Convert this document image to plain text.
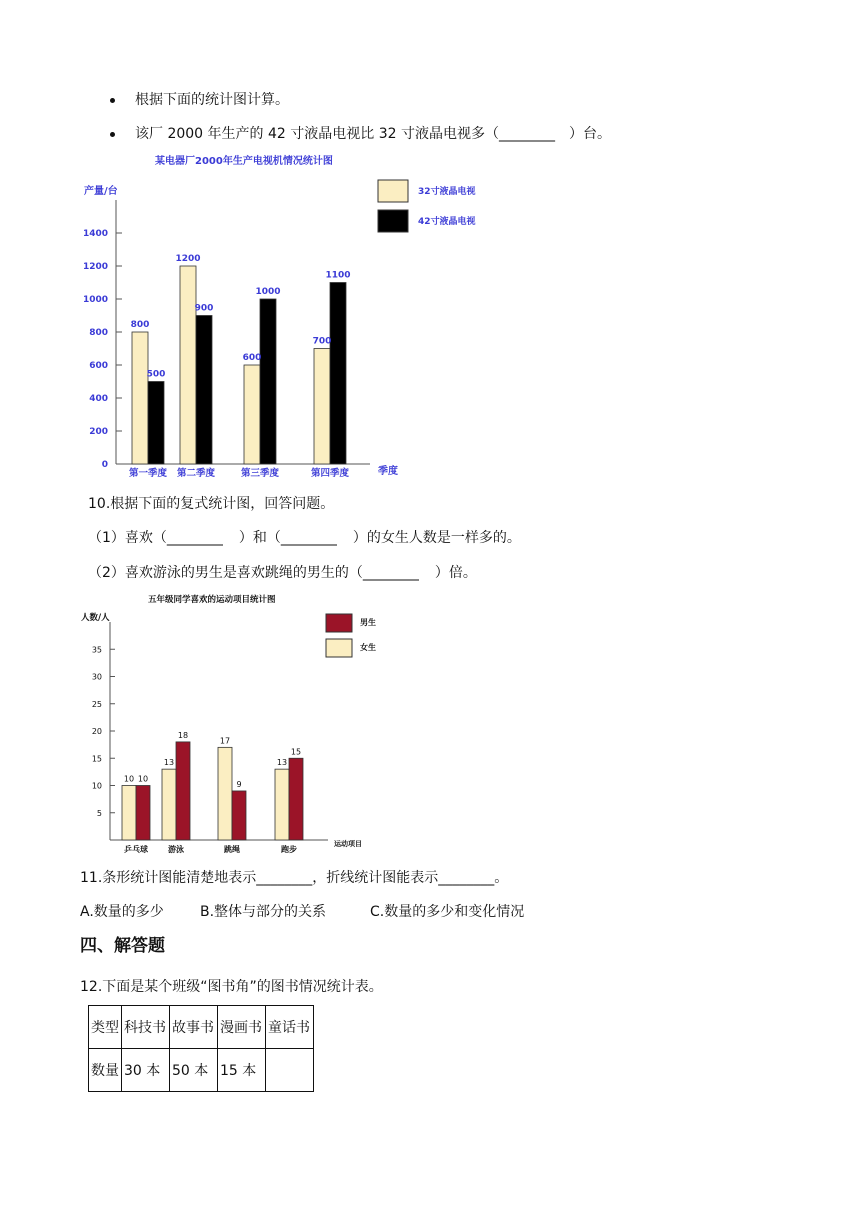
根据下面的统计图计算。
该厂 2000 年生产的 42 寸液晶电视比 32 寸液晶电视多（________ ）台。
某电器厂2000年生产电视机情况统计图
产量/台
季度
0
200
400
600
800
1000
1200
1400
800
500
1200
900
600
1000
700
1100
第一季度 第二季度	第三季度	第四季度
32寸液晶电视
42寸液晶电视
10.根据下面的复式统计图，回答问题。
（1）喜欢（________ ）和（________ ）的女生人数是一样多的。
（2）喜欢游泳的男生是喜欢跳绳的男生的（________ ）倍。
五年级同学喜欢的运动项目统计图
人数/人
运动项目
5
10
15
20
25
30
35
10 10
13
18
17
9
13
15
乒乓球	游泳	跳绳	跑步
男生
女生
11.条形统计图能清楚地表示________，折线统计图能表示________。
A.数量的多少	B.整体与部分的关系	C.数量的多少和变化情况
四、解答题
12.下面是某个班级“图书角”的图书情况统计表。
类型	科技书	故事书	漫画书	童话书
数量	30 本	50 本	15 本	
